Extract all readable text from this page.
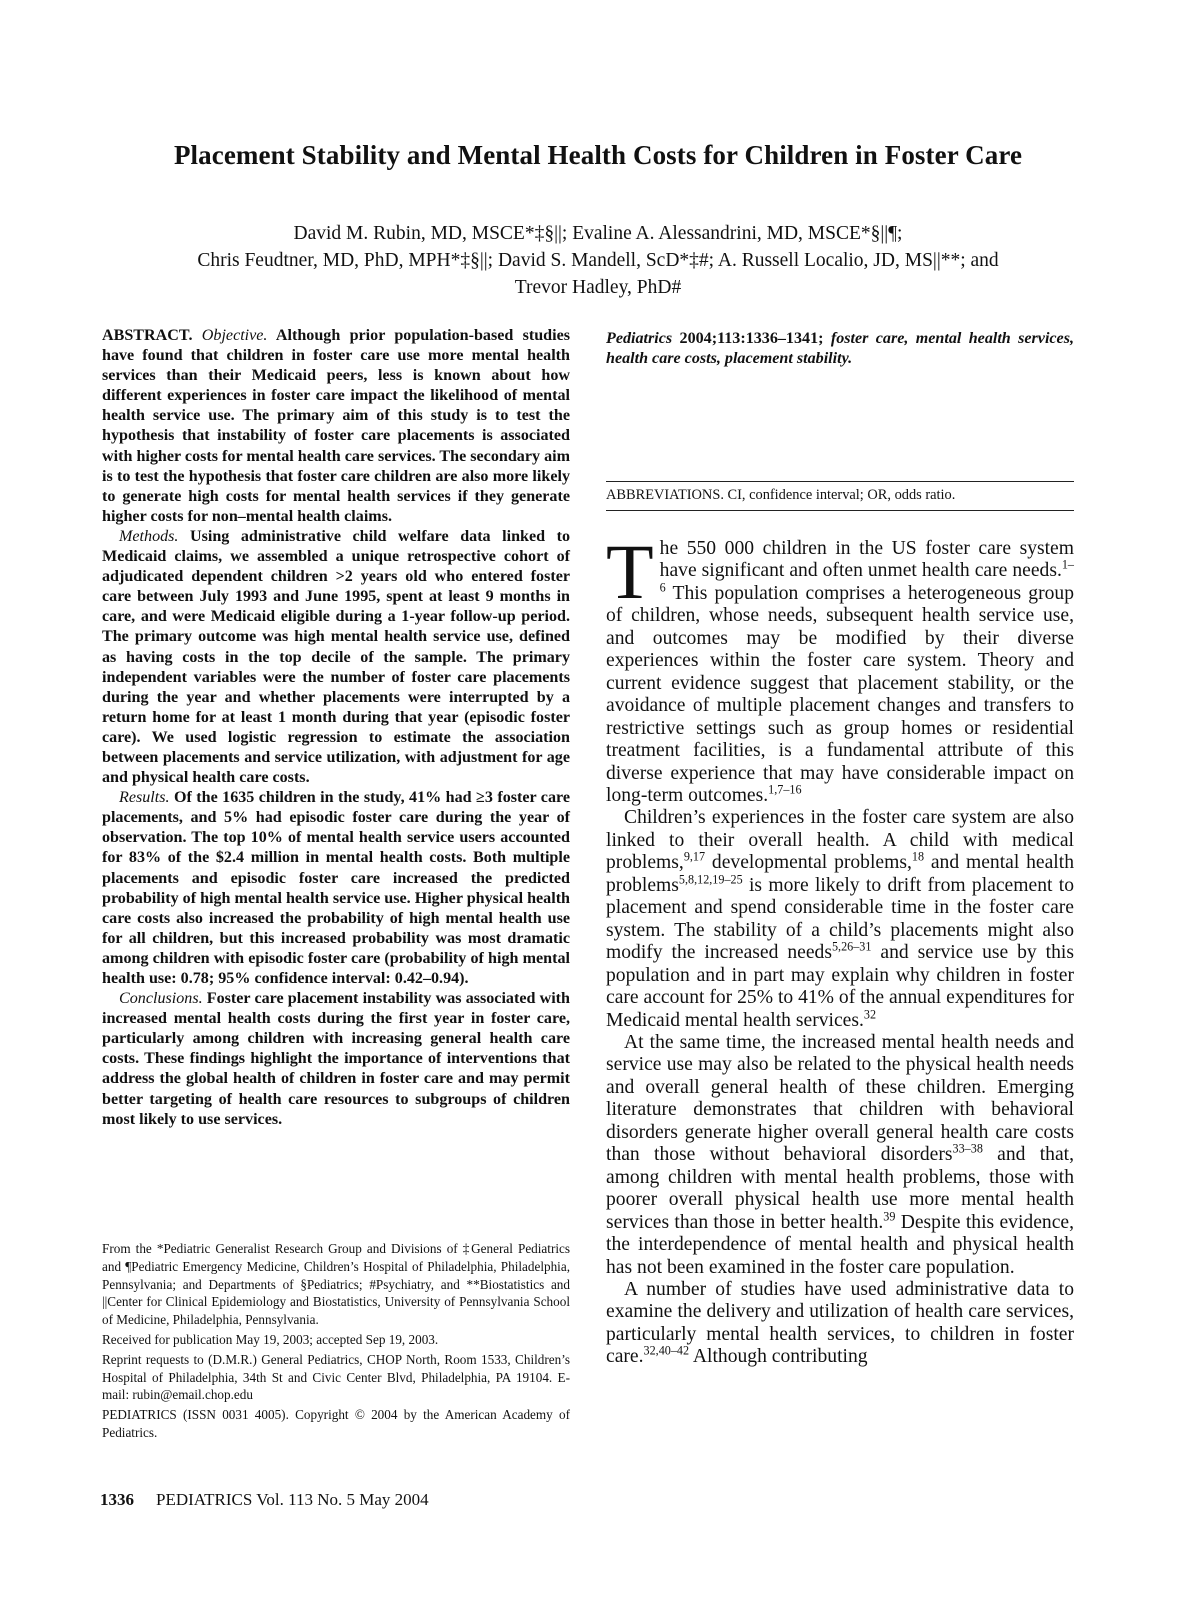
Placement Stability and Mental Health Costs for Children in Foster Care
David M. Rubin, MD, MSCE*‡§||; Evaline A. Alessandrini, MD, MSCE*§||¶;
Chris Feudtner, MD, PhD, MPH*‡§||; David S. Mandell, ScD*‡#; A. Russell Localio, JD, MS||**; and
Trevor Hadley, PhD#

ABSTRACT. Objective. Although prior population-based studies have found that children in foster care use more mental health services than their Medicaid peers, less is known about how different experiences in foster care impact the likelihood of mental health service use. The primary aim of this study is to test the hypothesis that instability of foster care placements is associated with higher costs for mental health care services. The secondary aim is to test the hypothesis that foster care children are also more likely to generate high costs for mental health services if they generate higher costs for non–mental health claims.

Methods. Using administrative child welfare data linked to Medicaid claims, we assembled a unique retrospective cohort of adjudicated dependent children >2 years old who entered foster care between July 1993 and June 1995, spent at least 9 months in care, and were Medicaid eligible during a 1-year follow-up period. The primary outcome was high mental health service use, defined as having costs in the top decile of the sample. The primary independent variables were the number of foster care placements during the year and whether placements were interrupted by a return home for at least 1 month during that year (episodic foster care). We used logistic regression to estimate the association between placements and service utilization, with adjustment for age and physical health care costs.

Results. Of the 1635 children in the study, 41% had ≥3 foster care placements, and 5% had episodic foster care during the year of observation. The top 10% of mental health service users accounted for 83% of the $2.4 million in mental health costs. Both multiple placements and episodic foster care increased the predicted probability of high mental health service use. Higher physical health care costs also increased the probability of high mental health use for all children, but this increased probability was most dramatic among children with episodic foster care (probability of high mental health use: 0.78; 95% confidence interval: 0.42–0.94).

Conclusions. Foster care placement instability was associated with increased mental health costs during the first year in foster care, particularly among children with increasing general health care costs. These findings highlight the importance of interventions that address the global health of children in foster care and may permit better targeting of health care resources to subgroups of children most likely to use services.

Pediatrics 2004;113:1336–1341; foster care, mental health services, health care costs, placement stability.
ABBREVIATIONS. CI, confidence interval; OR, odds ratio.

The 550 000 children in the US foster care system have significant and often unmet health care needs.$^{1-6}$ This population comprises a heterogeneous group of children, whose needs, subsequent health service use, and outcomes may be modified by their diverse experiences within the foster care system. Theory and current evidence suggest that placement stability, or the avoidance of multiple placement changes and transfers to restrictive settings such as group homes or residential treatment facilities, is a fundamental attribute of this diverse experience that may have considerable impact on long-term outcomes.$^{1,7-16}$

Children’s experiences in the foster care system are also linked to their overall health. A child with medical problems,$^{9,17}$ developmental problems,$^{18}$ and mental health problems$^{5,8,12,19-25}$ is more likely to drift from placement to placement and spend considerable time in the foster care system. The stability of a child’s placements might also modify the increased needs$^{5,26-31}$ and service use by this population and in part may explain why children in foster care account for 25% to 41% of the annual expenditures for Medicaid mental health services.$^{32}$

At the same time, the increased mental health needs and service use may also be related to the physical health needs and overall general health of these children. Emerging literature demonstrates that children with behavioral disorders generate higher overall general health care costs than those without behavioral disorders$^{33-38}$ and that, among children with mental health problems, those with poorer overall physical health use more mental health services than those in better health.$^{39}$ Despite this evidence, the interdependence of mental health and physical health has not been examined in the foster care population.

A number of studies have used administrative data to examine the delivery and utilization of health care services, particularly mental health services, to children in foster care.$^{32,40-42}$ Although contributing

From the *Pediatric Generalist Research Group and Divisions of ‡General Pediatrics and ¶Pediatric Emergency Medicine, Children’s Hospital of Philadelphia, Philadelphia, Pennsylvania; and Departments of §Pediatrics; #Psychiatry, and **Biostatistics and ||Center for Clinical Epidemiology and Biostatistics, University of Pennsylvania School of Medicine, Philadelphia, Pennsylvania.

Received for publication May 19, 2003; accepted Sep 19, 2003.

Reprint requests to (D.M.R.) General Pediatrics, CHOP North, Room 1533, Children’s Hospital of Philadelphia, 34th St and Civic Center Blvd, Philadelphia, PA 19104. E-mail: rubin@email.chop.edu

PEDIATRICS (ISSN 0031 4005). Copyright © 2004 by the American Academy of Pediatrics.

1336 PEDIATRICS Vol. 113 No. 5 May 2004
